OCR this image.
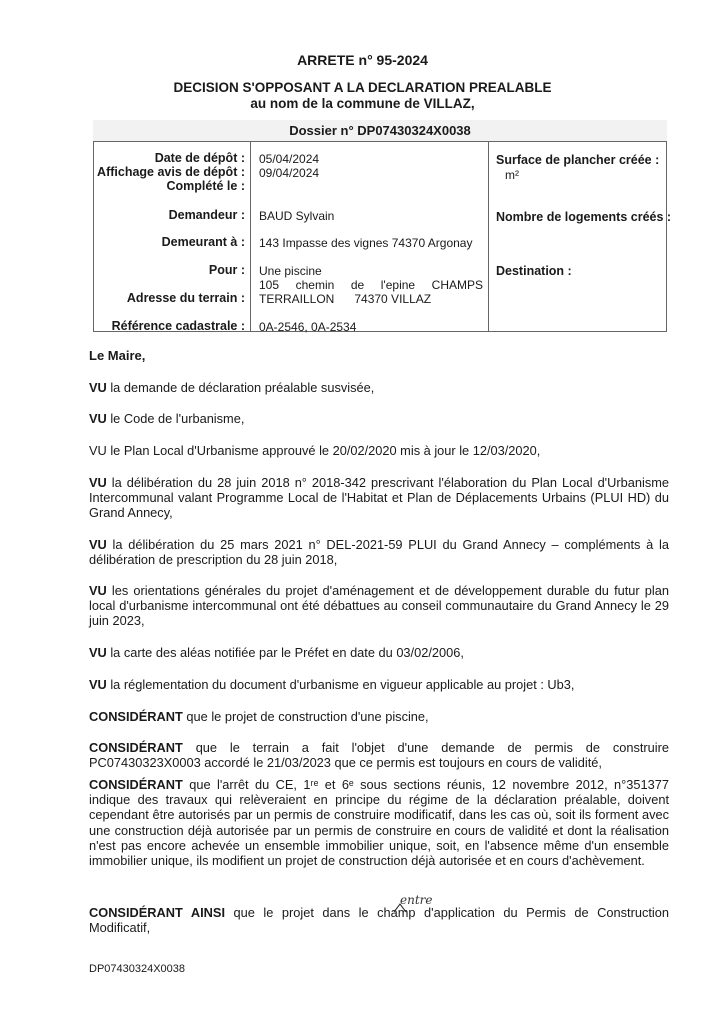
ARRETE n° 95-2024
DECISION S'OPPOSANT A LA DECLARATION PREALABLE
au nom de la commune de VILLAZ,
Dossier n° DP07430324X0038
Date de dépôt :
Affichage avis de dépôt :
Complété le :
Demandeur :
Demeurant à :
Pour :
Adresse du terrain :
Référence cadastrale :
05/04/2024
09/04/2024
BAUD Sylvain
143 Impasse des vignes 74370 Argonay
Une piscine
105 chemin de l'epine CHAMPS
TERRAILLON      74370 VILLAZ
0A-2546, 0A-2534
Surface de plancher créée :
m²
Nombre de logements créés :
Destination :
Le Maire,
VU la demande de déclaration préalable susvisée,
VU le Code de l'urbanisme,
VU le Plan Local d'Urbanisme approuvé le 20/02/2020 mis à jour le 12/03/2020,
VU la délibération du 28 juin 2018 n° 2018-342 prescrivant l'élaboration du Plan Local d'Urbanisme Intercommunal valant Programme Local de l'Habitat et Plan de Déplacements Urbains (PLUI HD) du Grand Annecy,
VU la délibération du 25 mars 2021 n° DEL-2021-59 PLUI du Grand Annecy – compléments à la délibération de prescription du 28 juin 2018,
VU les orientations générales du projet d'aménagement et de développement durable du futur plan local d'urbanisme intercommunal ont été débattues au conseil communautaire du Grand Annecy le 29 juin 2023,
VU la carte des aléas notifiée par le Préfet en date du 03/02/2006,
VU la réglementation du document d'urbanisme en vigueur applicable au projet : Ub3,
CONSIDÉRANT que le projet de construction d'une piscine,
CONSIDÉRANT que le terrain a fait l'objet d'une demande de permis de construire PC07430323X0003 accordé le 21/03/2023 que ce permis est toujours en cours de validité,
CONSIDÉRANT que l'arrêt du CE, 1ʳᵉ et 6ᵉ sous sections réunis, 12 novembre 2012, n°351377 indique des travaux qui relèveraient en principe du régime de la déclaration préalable, doivent cependant être autorisés par un permis de construire modificatif, dans les cas où, soit ils forment avec une construction déjà autorisée par un permis de construire en cours de validité et dont la réalisation n'est pas encore achevée un ensemble immobilier unique, soit, en l'absence même d'un ensemble immobilier unique, ils modifient un projet de construction déjà autorisée et en cours d'achèvement.
CONSIDÉRANT AINSI que le projet dans le champ d'application du Permis de Construction Modificatif,
entre
DP07430324X0038
